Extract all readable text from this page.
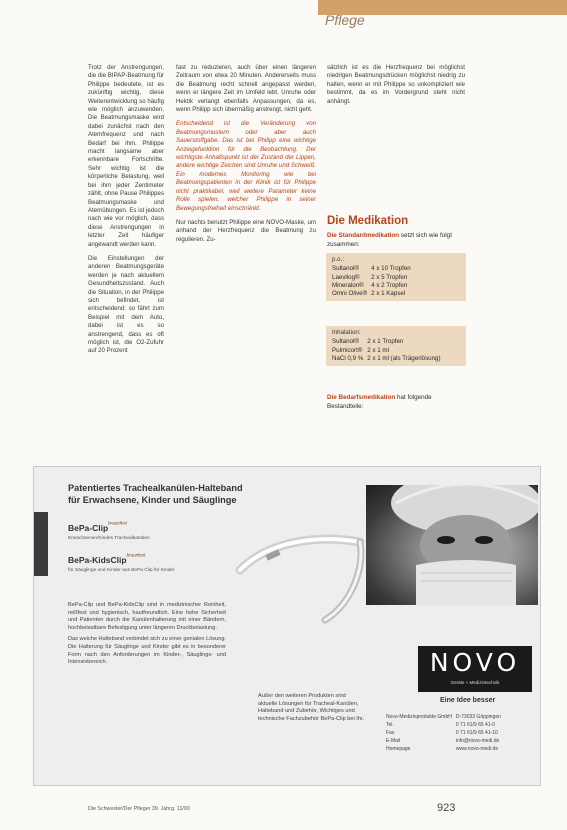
Pflege

Trotz der Anstrengungen, die die BIPAP-Beatmung für Philippe bedeutete, ist es zukünftig wichtig, diese Weiterentwicklung so häufig wie möglich anzuwenden. Die Beatmungsmaske wird dabei zunächst nach den Atemfrequenz und nach Bedarf bei ihm. Philippe macht langsame aber erkennbare Fortschritte. Sehr wichtig ist die körperliche Belastung, weil bei ihm jeder Zentimeter zählt, ohne Pause Philippes Beatmungsmaske und Atemübungen. Es ist jedoch nach wie vor möglich, dass diese Anstrengungen in letzter Zeit häufiger angewandt werden kann.

Die Einstellungen der anderen Beatmungsgeräte werden je nach aktuellem Gesundheitszustand. Auch die Situation, in der Philippe sich befindet, ist entscheidend: so fährt zum Beispiel mit dem Auto, dabei ist es so anstrengend, dass es oft möglich ist, die O2-Zufuhr auf 20 Prozent

fast zu reduzieren, auch über einen längeren Zeitraum von etwa 20 Minuten. Andererseits muss die Beatmung recht schnell angepasst werden, wenn er längere Zeit im Umfeld lebt. Unruhe oder Hektik verlangt ebenfalls Anpassungen, da es, wenn Philipp sich übermäßig anstrengt, nicht geht.

Entscheidend ist die Veränderung von Beatmungsmustern oder aber auch Sauerstoffgabe. Das ist bei Philipp eine wichtige Anzeigefunktion für die Beobachtung. Der wichtigste Anhaltspunkt ist der Zustand der Lippen, andere wichtige Zeichen sind Unruhe und Schweiß. Ein modernes Monitoring wie bei Beatmungspatienten in der Klinik ist für Philippe nicht praktikabel, weil weitere Parameter keine Rolle spielen, welcher Philippe in seiner Bewegungsfreiheit einschränkt.

Nur nachts benutzt Philippe eine NOVO-Maske, um anhand der Herzfrequenz die Beatmung zu regulieren. Zu-

sätzlich ist es die Herzfrequenz bei möglichst niedrigen Beatmungsdrücken möglichst niedrig zu halten, wenn er mit Philippe so unkompliziert wie bestimmt, da es im Vordergrund steht nicht anhängt.

Die Medikation
Die Standardmedikation setzt sich wie folgt zusammen:
p.o.:
Sultanol®	4 x 10 Tropfen
Laevilog®	2 x 5 Tropfen
Mineralon®	4 x 2 Tropfen
Omni Olive®	2 x 1 Kapsel
Inhalation:
Sultanol®	2 x 1 Tropfen
Pulmicort®	2 x 1 ml
NaCl 0,9 %	2 x 1 ml (als Trägerlösung)
Die Bedarfsmedikation hat folgende Bestandteile:
Patentiertes Trachealkanülen-Halteband
für Erwachsene, Kinder und Säuglinge
BePa-Clip$^{braunfest}$
Erwachsenen/Kindes Trachealkanülen
BePa-KidsClip$^{braunfest}$
für Säuglinge und Kinder aus BePa Clip für Kinder

BePa-Clip und BePa-KidsClip sind in medizinischer Reinheit, reißfest und hygienisch, hautfreundlich. Eine hohe Sicherheit und Patienten durch die Kanülenhalterung mit einer Bändern, hochbelastbare Befestigung unter längeren Druckbelastung.

Das weiche Halteband verbindet sich zu einer genialen Lösung. Die Halterung für Säuglinge und Kinder gibt es in besonderer Form nach den Anforderungen im Kinder-, Säuglings- und Intensivbereich.

Außer den weiteren Produkten sind aktuelle Lösungen für Tracheal-Kanülen, Halteband und Zubehör, Wichtiges und technische Fachzubehör BePa-Clip bei Ihr.
NOVO
Geräte + Medizintechnik
Eine Idee besser
Novo-Medizinprodukte GmbH	D-73033 Göppingen
Tel.	0 71 61/9 65 41-0
Fax	0 71 61/9 65 41-10
E-Mail	info@novo-medi.de
Homepage	www.novo-medi.de
Die Schwester/Der Pfleger 39. Jahrg. 11/00	923
